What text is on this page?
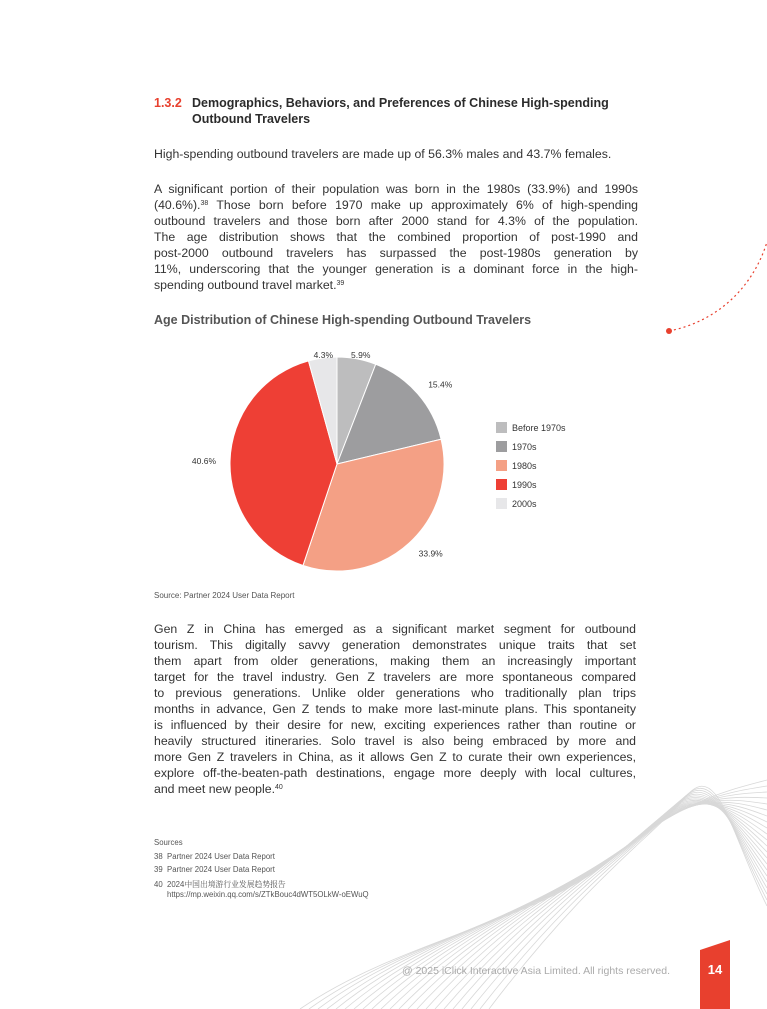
1.3.2 Demographics, Behaviors, and Preferences of Chinese High-spending
Outbound Travelers
High-spending outbound travelers are made up of 56.3% males and 43.7% females.
A significant portion of their population was born in the 1980s (33.9%) and 1990s
(40.6%).$^{38}$ Those born before 1970 make up approximately 6% of high-spending
outbound travelers and those born after 2000 stand for 4.3% of the population.
The age distribution shows that the combined proportion of post-1990 and
post-2000 outbound travelers has surpassed the post-1980s generation by
11%, underscoring that the younger generation is a dominant force in the high-
spending outbound travel market.$^{39}$
Age Distribution of Chinese High-spending Outbound Travelers
5.9%
15.4%
33.9%
40.6%
4.3%
Before 1970s
1970s
1980s
1990s
2000s
Source: Partner 2024 User Data Report
Gen Z in China has emerged as a significant market segment for outbound
tourism. This digitally savvy generation demonstrates unique traits that set
them apart from older generations, making them an increasingly important
target for the travel industry. Gen Z travelers are more spontaneous compared
to previous generations. Unlike older generations who traditionally plan trips
months in advance, Gen Z tends to make more last-minute plans. This spontaneity
is influenced by their desire for new, exciting experiences rather than routine or
heavily structured itineraries. Solo travel is also being embraced by more and
more Gen Z travelers in China, as it allows Gen Z to curate their own experiences,
explore off-the-beaten-path destinations, engage more deeply with local cultures,
and meet new people.$^{40}$
Sources
38 Partner 2024 User Data Report
39 Partner 2024 User Data Report
40 2024中国出境游行业发展趋势报告
https://mp.weixin.qq.com/s/ZTkBouc4dWT5OLkW-oEWuQ
@ 2025 iClick Interactive Asia Limited. All rights reserved.	14
